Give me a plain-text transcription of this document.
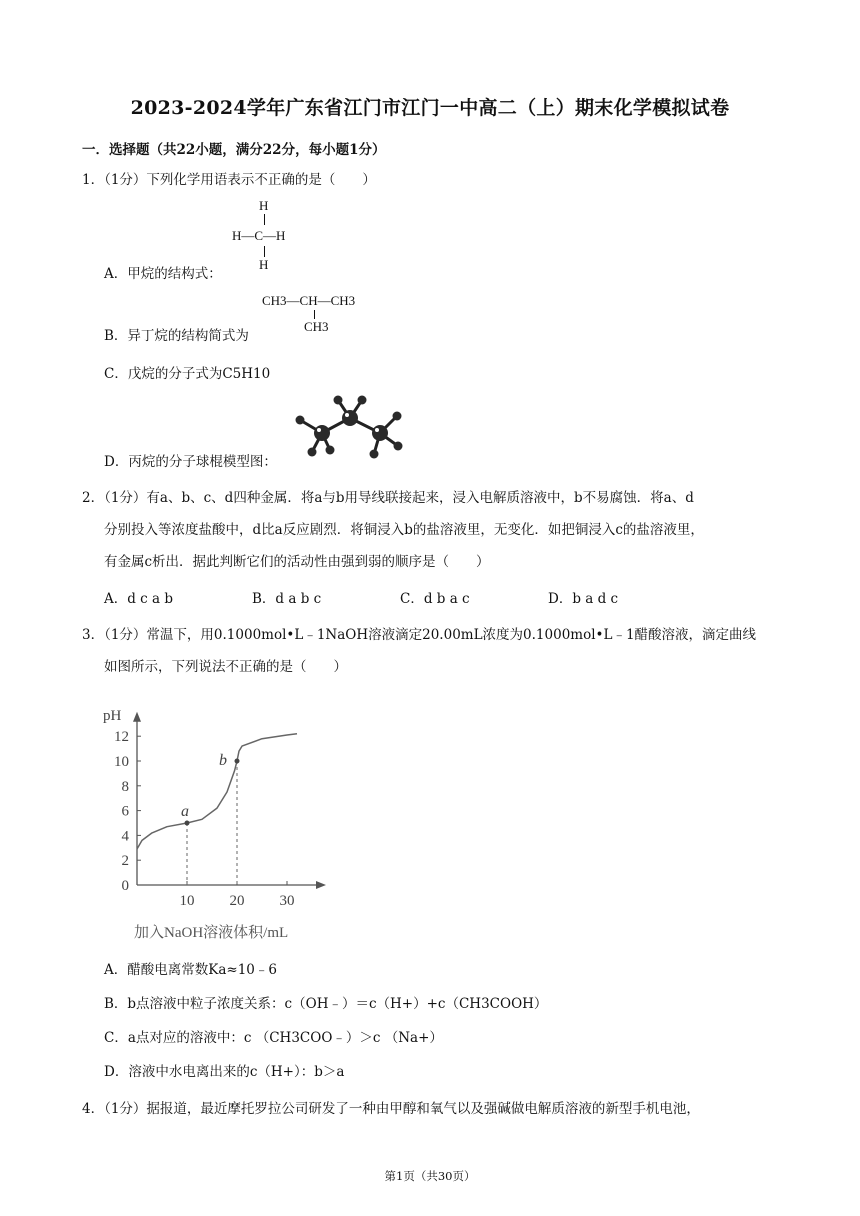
2023-2024学年广东省江门市江门一中高二（上）期末化学模拟试卷
一．选择题（共22小题，满分22分，每小题1分）
1．（1分）下列化学用语表示不正确的是（　　）
H
H—C—H
H
A．甲烷的结构式：
CH3—CH—CH3
CH3
B．异丁烷的结构简式为
C．戊烷的分子式为C5H10
D．丙烷的分子球棍模型图：
2．（1分）有a、b、c、d四种金属．将a与b用导线联接起来，浸入电解质溶液中，b不易腐蚀．将a、d
分别投入等浓度盐酸中，d比a反应剧烈．将铜浸入b的盐溶液里，无变化．如把铜浸入c的盐溶液里，
有金属c析出．据此判断它们的活动性由强到弱的顺序是（　　）
A．d c a b	B．d a b c	C．d b a c	D．b a d c
3．（1分）常温下，用0.1000mol•L﹣1NaOH溶液滴定20.00mL浓度为0.1000mol•L﹣1醋酸溶液，滴定曲线
如图所示，下列说法不正确的是（　　）
0
2
4
6
8
10
12
10 20 30
pH
加入NaOH溶液体积/mL
a
b
A．醋酸电离常数Ka≈10﹣6
B．b点溶液中粒子浓度关系：c（OH﹣）＝c（H+）+c（CH3COOH）
C．a点对应的溶液中：c （CH3COO﹣）＞c （Na+）
D．溶液中水电离出来的c（H+）：b＞a
4．（1分）据报道，最近摩托罗拉公司研发了一种由甲醇和氧气以及强碱做电解质溶液的新型手机电池，
第1页（共30页）
